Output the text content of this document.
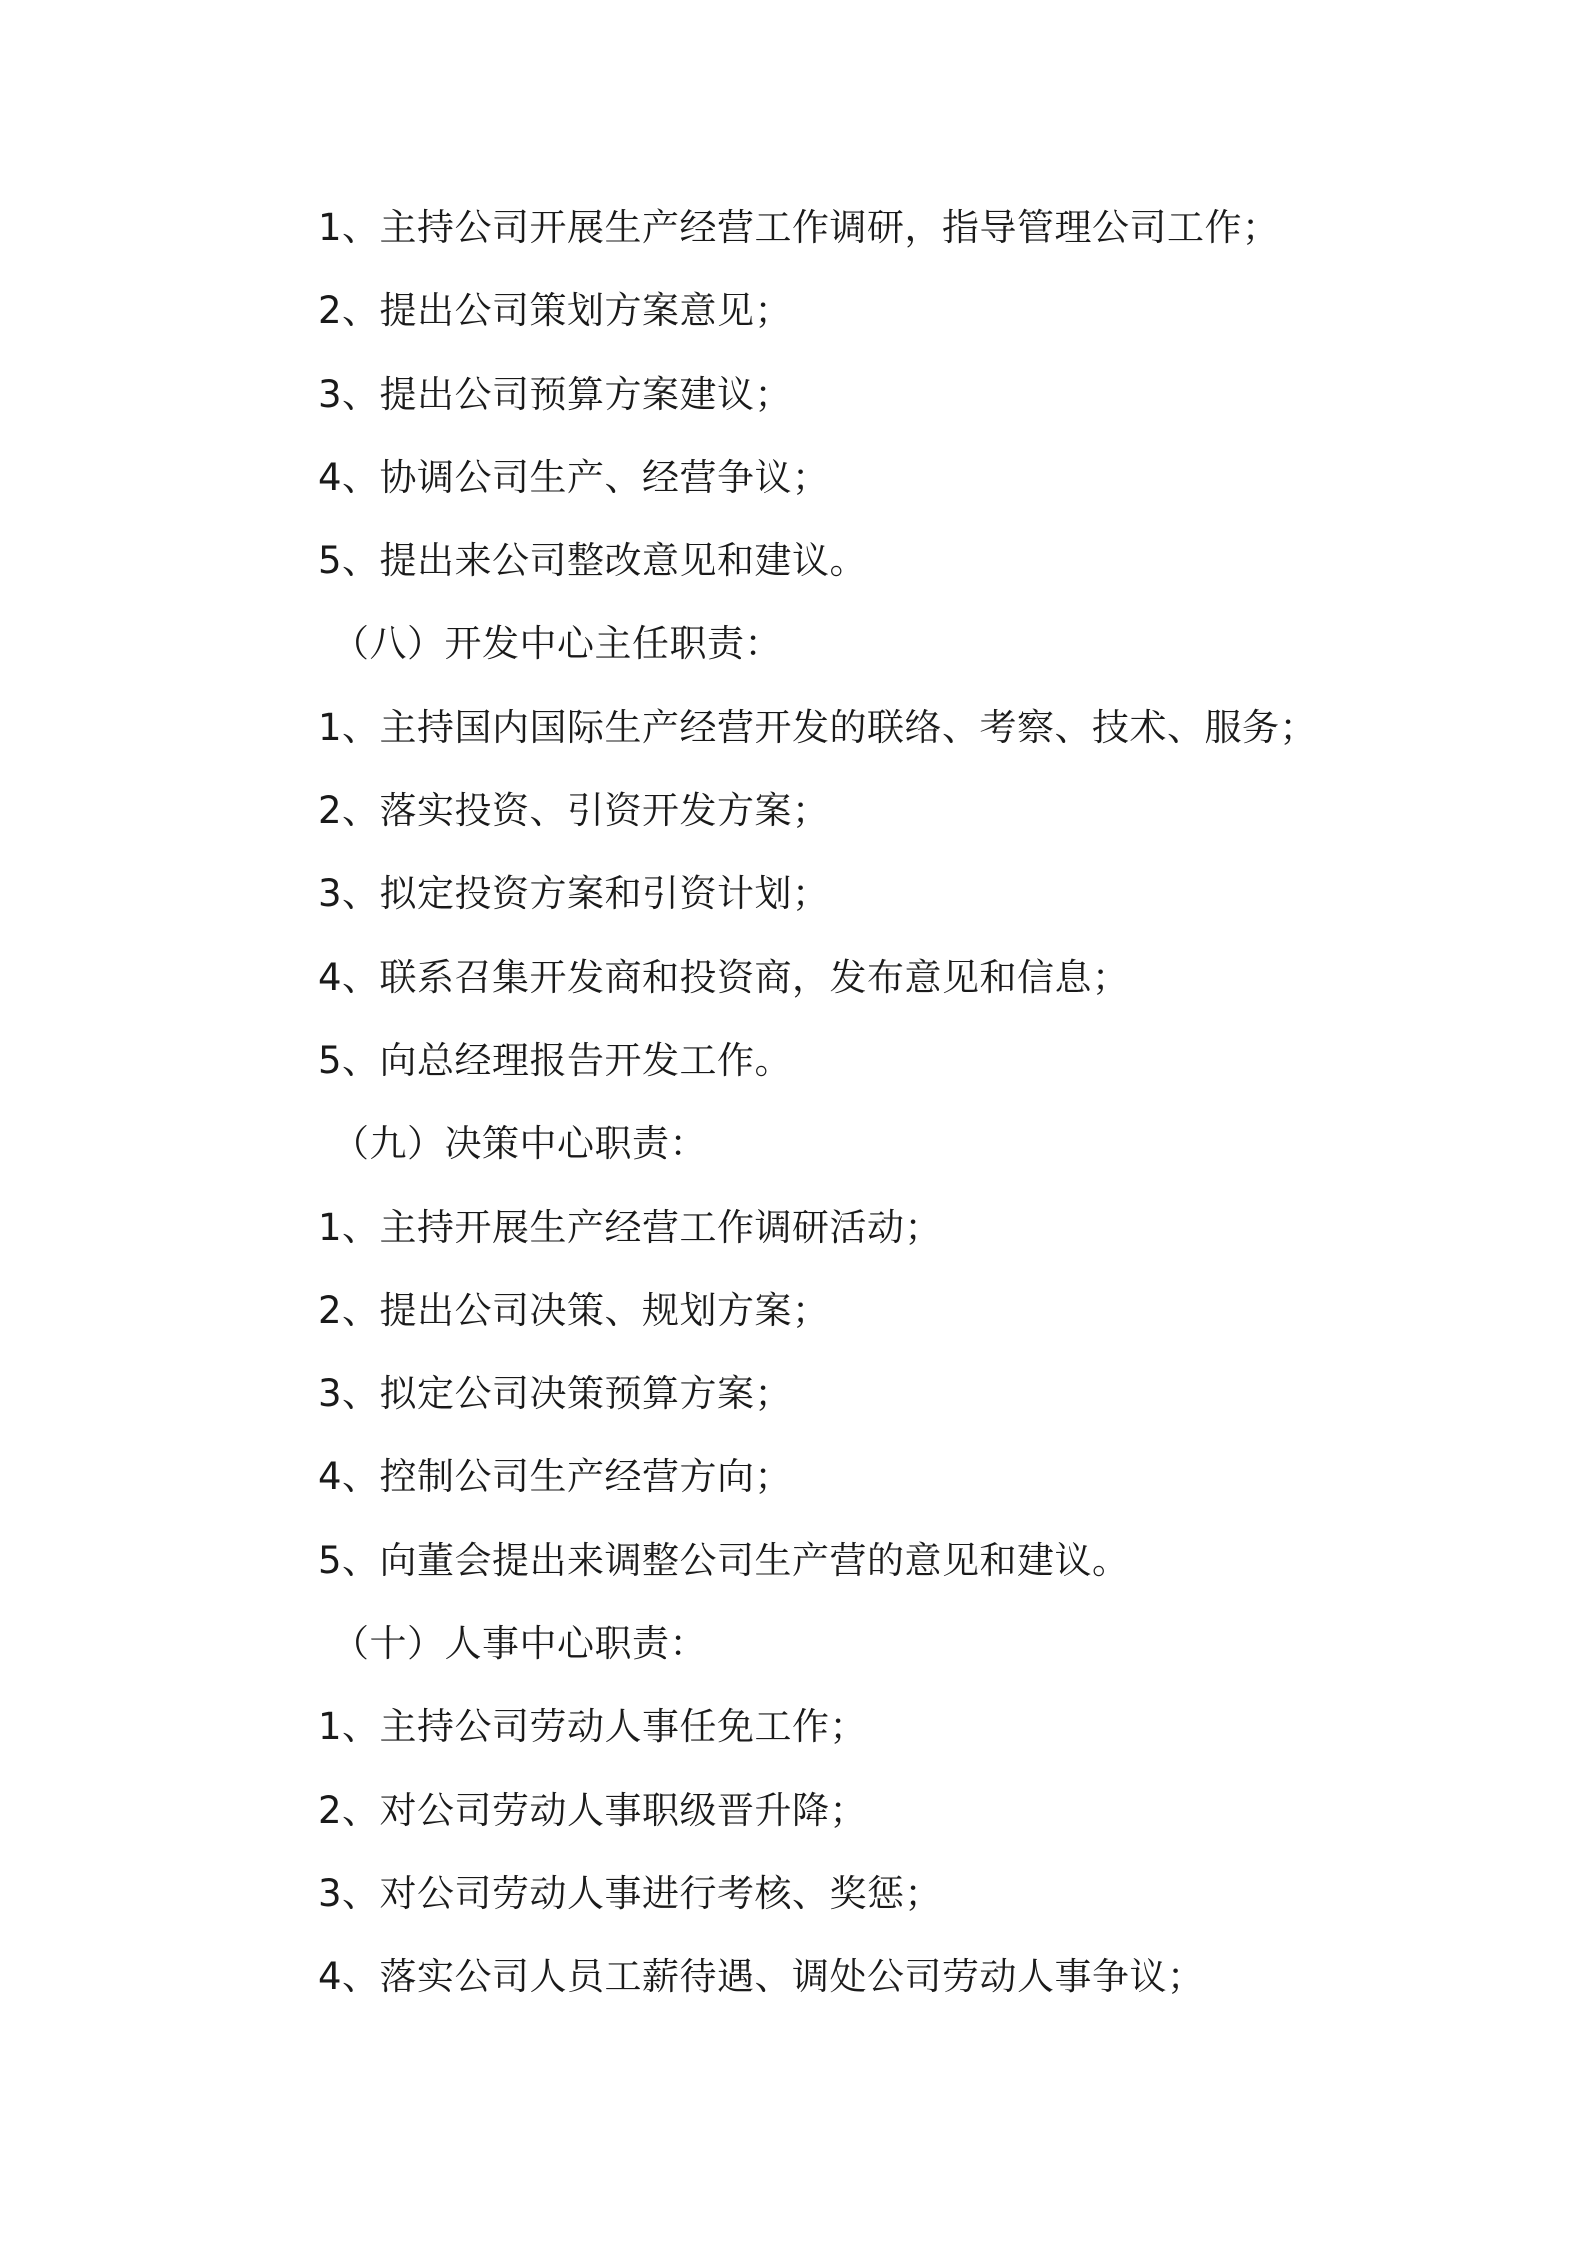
1、主持公司开展生产经营工作调研，指导管理公司工作；
2、提出公司策划方案意见；
3、提出公司预算方案建议；
4、协调公司生产、经营争议；
5、提出来公司整改意见和建议。
（八）开发中心主任职责：
1、主持国内国际生产经营开发的联络、考察、技术、服务；
2、落实投资、引资开发方案；
3、拟定投资方案和引资计划；
4、联系召集开发商和投资商，发布意见和信息；
5、向总经理报告开发工作。
（九）决策中心职责：
1、主持开展生产经营工作调研活动；
2、提出公司决策、规划方案；
3、拟定公司决策预算方案；
4、控制公司生产经营方向；
5、向董会提出来调整公司生产营的意见和建议。
（十）人事中心职责：
1、主持公司劳动人事任免工作；
2、对公司劳动人事职级晋升降；
3、对公司劳动人事进行考核、奖惩；
4、落实公司人员工薪待遇、调处公司劳动人事争议；
